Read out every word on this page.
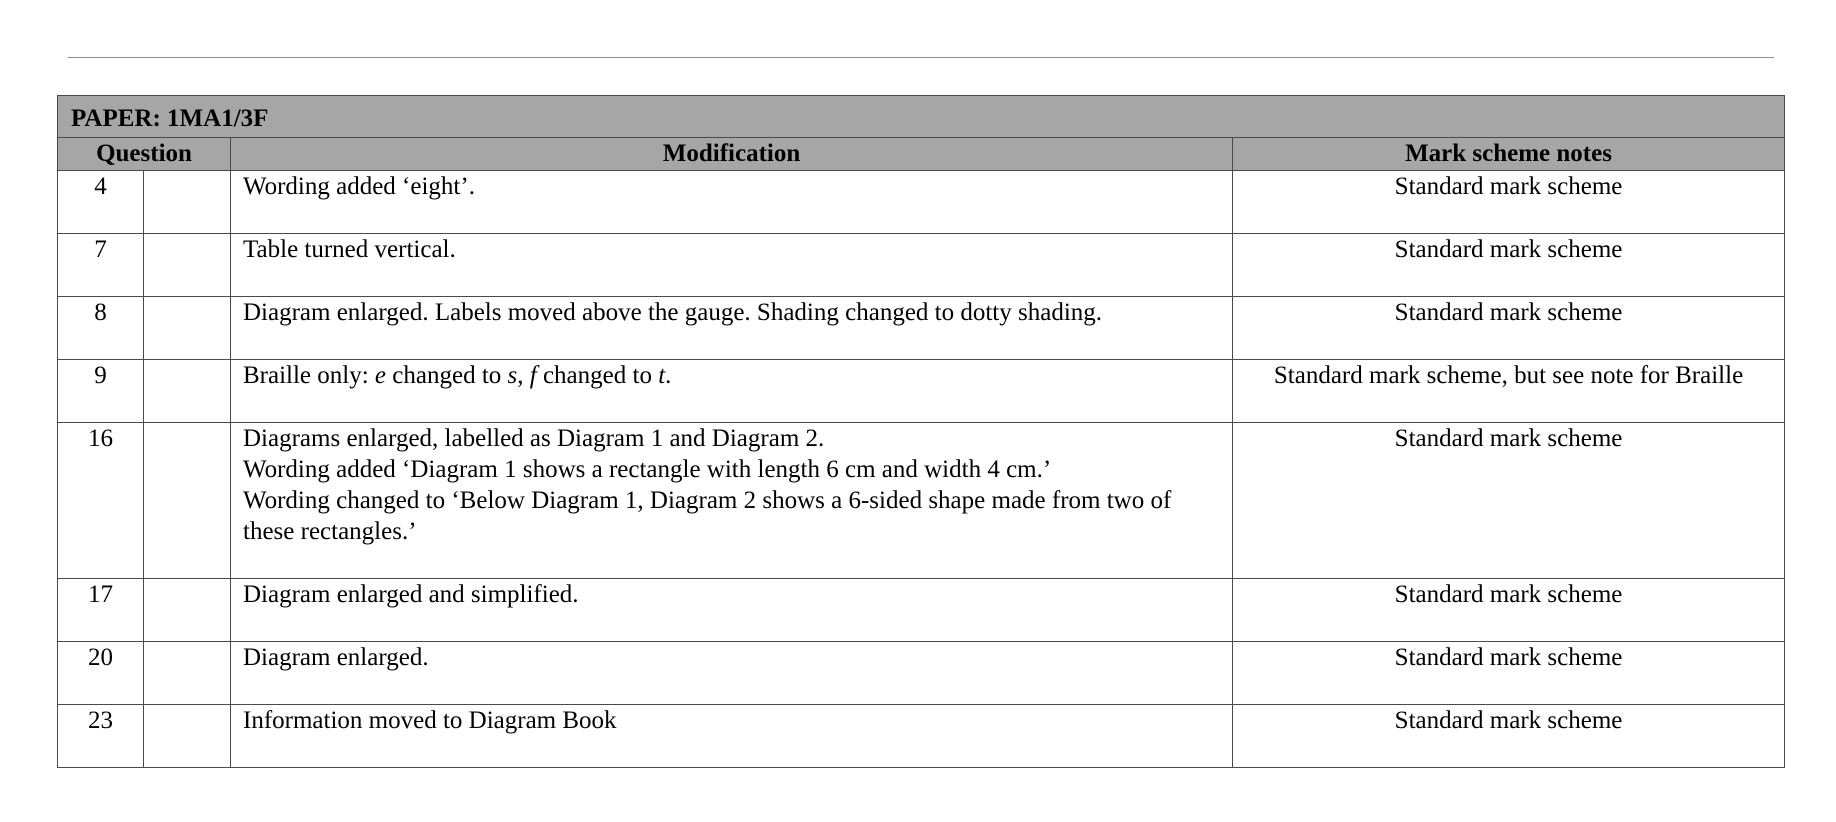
PAPER: 1MA1/3F			
Question		Modification	Mark scheme notes
4		Wording added ‘eight’.	Standard mark scheme
7		Table turned vertical.	Standard mark scheme
8		Diagram enlarged. Labels moved above the gauge. Shading changed to dotty shading.	Standard mark scheme
9		Braille only: e changed to s, f changed to t.	Standard mark scheme, but see note for Braille
16		Diagrams enlarged, labelled as Diagram 1 and Diagram 2.
Wording added ‘Diagram 1 shows a rectangle with length 6 cm and width 4 cm.’
Wording changed to ‘Below Diagram 1, Diagram 2 shows a 6-sided shape made from two of these rectangles.’	Standard mark scheme
17		Diagram enlarged and simplified.	Standard mark scheme
20		Diagram enlarged.	Standard mark scheme
23		Information moved to Diagram Book	Standard mark scheme
